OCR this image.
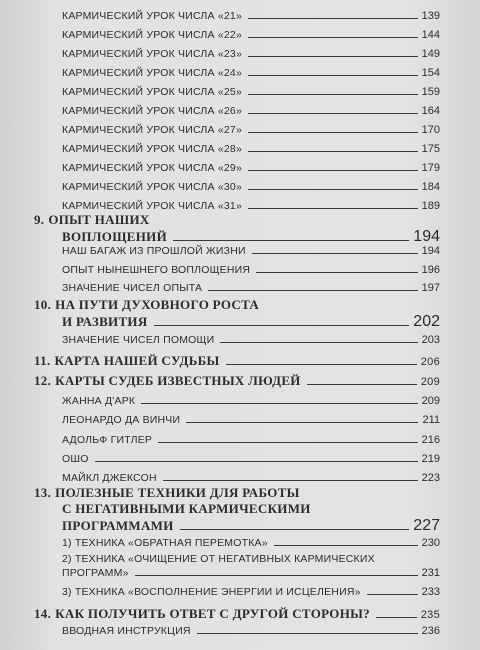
КАРМИЧЕСКИЙ УРОК ЧИСЛА «21»	139
КАРМИЧЕСКИЙ УРОК ЧИСЛА «22»	144
КАРМИЧЕСКИЙ УРОК ЧИСЛА «23»	149
КАРМИЧЕСКИЙ УРОК ЧИСЛА «24»	154
КАРМИЧЕСКИЙ УРОК ЧИСЛА «25»	159
КАРМИЧЕСКИЙ УРОК ЧИСЛА «26»	164
КАРМИЧЕСКИЙ УРОК ЧИСЛА «27»	170
КАРМИЧЕСКИЙ УРОК ЧИСЛА «28»	175
КАРМИЧЕСКИЙ УРОК ЧИСЛА «29»	179
КАРМИЧЕСКИЙ УРОК ЧИСЛА «30»	184
КАРМИЧЕСКИЙ УРОК ЧИСЛА «31»	189
9. ОПЫТ НАШИХ
ВОПЛОЩЕНИЙ	194
НАШ БАГАЖ ИЗ ПРОШЛОЙ ЖИЗНИ	194
ОПЫТ НЫНЕШНЕГО ВОПЛОЩЕНИЯ	196
ЗНАЧЕНИЕ ЧИСЕЛ ОПЫТА	197
10. НА ПУТИ ДУХОВНОГО РОСТА
И РАЗВИТИЯ	202
ЗНАЧЕНИЕ ЧИСЕЛ ПОМОЩИ	203
11. КАРТА НАШЕЙ СУДЬБЫ	206
12. КАРТЫ СУДЕБ ИЗВЕСТНЫХ ЛЮДЕЙ	209
ЖАННА Д'АРК	209
ЛЕОНАРДО ДА ВИНЧИ	211
АДОЛЬФ ГИТЛЕР	216
ОШО	219
МАЙКЛ ДЖЕКСОН	223
13. ПОЛЕЗНЫЕ ТЕХНИКИ ДЛЯ РАБОТЫ
С НЕГАТИВНЫМИ КАРМИЧЕСКИМИ
ПРОГРАММАМИ	227
1) ТЕХНИКА «ОБРАТНАЯ ПЕРЕМОТКА»	230
2) ТЕХНИКА «ОЧИЩЕНИЕ ОТ НЕГАТИВНЫХ КАРМИЧЕСКИХ
ПРОГРАММ»	231
3) ТЕХНИКА «ВОСПОЛНЕНИЕ ЭНЕРГИИ И ИСЦЕЛЕНИЯ»	233
14. КАК ПОЛУЧИТЬ ОТВЕТ С ДРУГОЙ СТОРОНЫ?	235
ВВОДНАЯ ИНСТРУКЦИЯ	236
